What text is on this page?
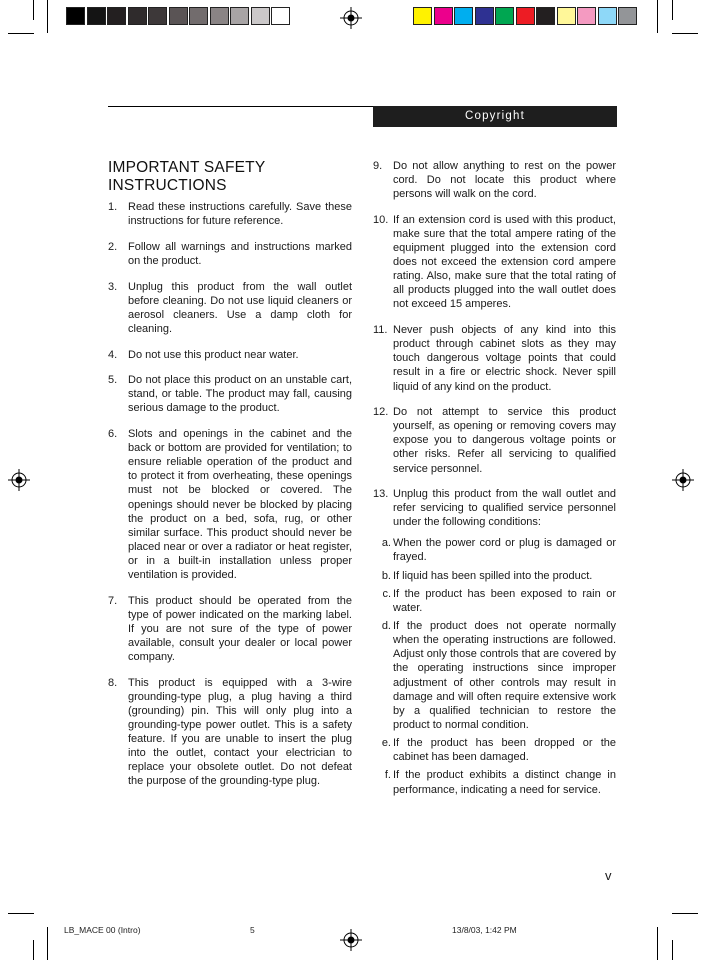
Copyright
IMPORTANT SAFETY INSTRUCTIONS
1. Read these instructions carefully. Save these instructions for future reference.
2. Follow all warnings and instructions marked on the product.
3. Unplug this product from the wall outlet before cleaning. Do not use liquid cleaners or aerosol cleaners. Use a damp cloth for cleaning.
4. Do not use this product near water.
5. Do not place this product on an unstable cart, stand, or table. The product may fall, causing serious damage to the product.
6. Slots and openings in the cabinet and the back or bottom are provided for ventilation; to ensure reliable operation of the product and to protect it from overheating, these openings must not be blocked or covered. The openings should never be blocked by placing the product on a bed, sofa, rug, or other similar surface. This product should never be placed near or over a radiator or heat register, or in a built-in installation unless proper ventilation is provided.
7. This product should be operated from the type of power indicated on the marking label. If you are not sure of the type of power available, consult your dealer or local power company.
8. This product is equipped with a 3-wire grounding-type plug, a plug having a third (grounding) pin. This will only plug into a grounding-type power outlet. This is a safety feature. If you are unable to insert the plug into the outlet, contact your electrician to replace your obsolete outlet. Do not defeat the purpose of the grounding-type plug.
9. Do not allow anything to rest on the power cord. Do not locate this product where persons will walk on the cord.
10. If an extension cord is used with this product, make sure that the total ampere rating of the equipment plugged into the extension cord does not exceed the extension cord ampere rating. Also, make sure that the total rating of all products plugged into the wall outlet does not exceed 15 amperes.
11. Never push objects of any kind into this product through cabinet slots as they may touch dangerous voltage points that could result in a fire or electric shock. Never spill liquid of any kind on the product.
12. Do not attempt to service this product yourself, as opening or removing covers may expose you to dangerous voltage points or other risks. Refer all servicing to qualified service personnel.
13. Unplug this product from the wall outlet and refer servicing to qualified service personnel under the following conditions:
a. When the power cord or plug is damaged or frayed.
b. If liquid has been spilled into the product.
c. If the product has been exposed to rain or water.
d. If the product does not operate normally when the operating instructions are followed. Adjust only those controls that are covered by the operating instructions since improper adjustment of other controls may result in damage and will often require extensive work by a qualified technician to restore the product to normal condition.
e. If the product has been dropped or the cabinet has been damaged.
f. If the product exhibits a distinct change in performance, indicating a need for service.
v
LB_MACE 00 (Intro)	5	13/8/03, 1:42 PM
